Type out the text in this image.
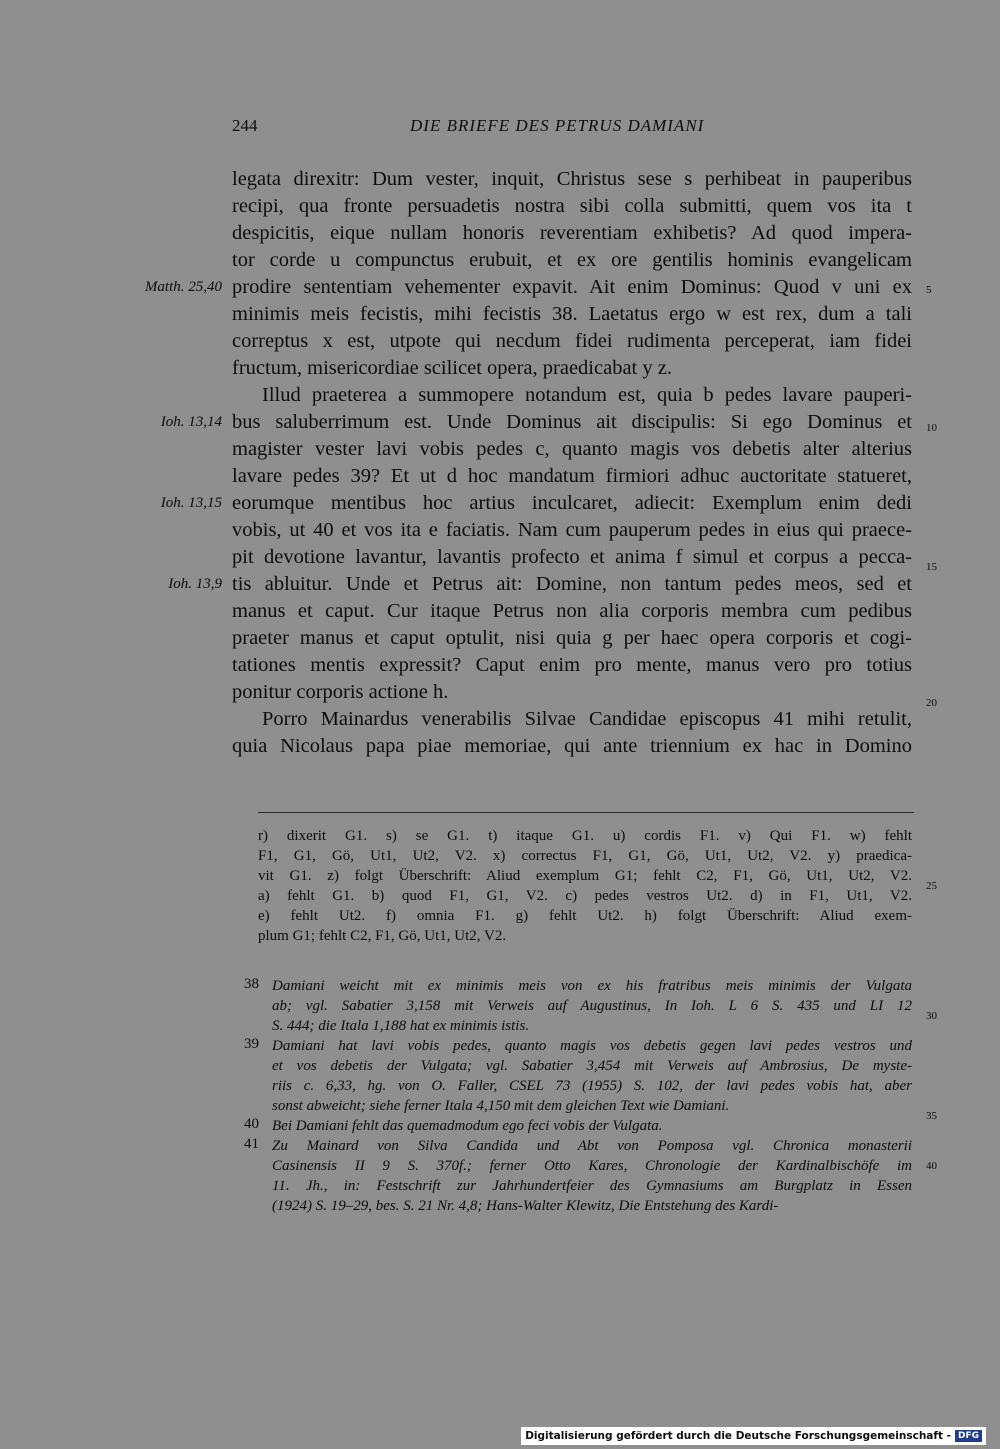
244	DIE BRIEFE DES PETRUS DAMIANI
legata direxitr: Dum vester, inquit, Christus sese s perhibeat in pauperibus
recipi, qua fronte persuadetis nostra sibi colla submitti, quem vos ita t
despicitis, eique nullam honoris reverentiam exhibetis? Ad quod impera-
tor corde u compunctus erubuit, et ex ore gentilis hominis evangelicam
prodire sententiam vehementer expavit. Ait enim Dominus: Quod v uni ex
minimis meis fecistis, mihi fecistis 38. Laetatus ergo w est rex, dum a tali
correptus x est, utpote qui necdum fidei rudimenta perceperat, iam fidei
fructum, misericordiae scilicet opera, praedicabat y z.
Illud praeterea a summopere notandum est, quia b pedes lavare pauperi-
bus saluberrimum est. Unde Dominus ait discipulis: Si ego Dominus et
magister vester lavi vobis pedes c, quanto magis vos debetis alter alterius
lavare pedes 39? Et ut d hoc mandatum firmiori adhuc auctoritate statueret,
eorumque mentibus hoc artius inculcaret, adiecit: Exemplum enim dedi
vobis, ut 40 et vos ita e faciatis. Nam cum pauperum pedes in eius qui praece-
pit devotione lavantur, lavantis profecto et anima f simul et corpus a pecca-
tis abluitur. Unde et Petrus ait: Domine, non tantum pedes meos, sed et
manus et caput. Cur itaque Petrus non alia corporis membra cum pedibus
praeter manus et caput optulit, nisi quia g per haec opera corporis et cogi-
tationes mentis expressit? Caput enim pro mente, manus vero pro totius
ponitur corporis actione h.
Porro Mainardus venerabilis Silvae Candidae episcopus 41 mihi retulit,
quia Nicolaus papa piae memoriae, qui ante triennium ex hac in Domino
Matth. 25,40
Ioh. 13,14
Ioh. 13,15
Ioh. 13,9
5
10
15
20
25
30
35
40
r) dixerit G1. s) se G1. t) itaque G1. u) cordis F1. v) Qui F1. w) fehlt
F1, G1, Gö, Ut1, Ut2, V2. x) correctus F1, G1, Gö, Ut1, Ut2, V2. y) praedica-
vit G1. z) folgt Überschrift: Aliud exemplum G1; fehlt C2, F1, Gö, Ut1, Ut2, V2.
a) fehlt G1. b) quod F1, G1, V2. c) pedes vestros Ut2. d) in F1, Ut1, V2.
e) fehlt Ut2. f) omnia F1. g) fehlt Ut2. h) folgt Überschrift: Aliud exem-
plum G1; fehlt C2, F1, Gö, Ut1, Ut2, V2.
38 Damiani weicht mit ex minimis meis von ex his fratribus meis minimis der Vulgata
ab; vgl. Sabatier 3,158 mit Verweis auf Augustinus, In Ioh. L 6 S. 435 und LI 12
S. 444; die Itala 1,188 hat ex minimis istis.
39 Damiani hat lavi vobis pedes, quanto magis vos debetis gegen lavi pedes vestros und
et vos debetis der Vulgata; vgl. Sabatier 3,454 mit Verweis auf Ambrosius, De myste-
riis c. 6,33, hg. von O. Faller, CSEL 73 (1955) S. 102, der lavi pedes vobis hat, aber
sonst abweicht; siehe ferner Itala 4,150 mit dem gleichen Text wie Damiani.
40 Bei Damiani fehlt das quemadmodum ego feci vobis der Vulgata.
41 Zu Mainard von Silva Candida und Abt von Pomposa vgl. Chronica monasterii
Casinensis II 9 S. 370f.; ferner Otto Kares, Chronologie der Kardinalbischöfe im
11. Jh., in: Festschrift zur Jahrhundertfeier des Gymnasiums am Burgplatz in Essen
(1924) S. 19–29, bes. S. 21 Nr. 4,8; Hans-Walter Klewitz, Die Entstehung des Kardi-
Digitalisierung gefördert durch die Deutsche Forschungsgemeinschaft - DFG
